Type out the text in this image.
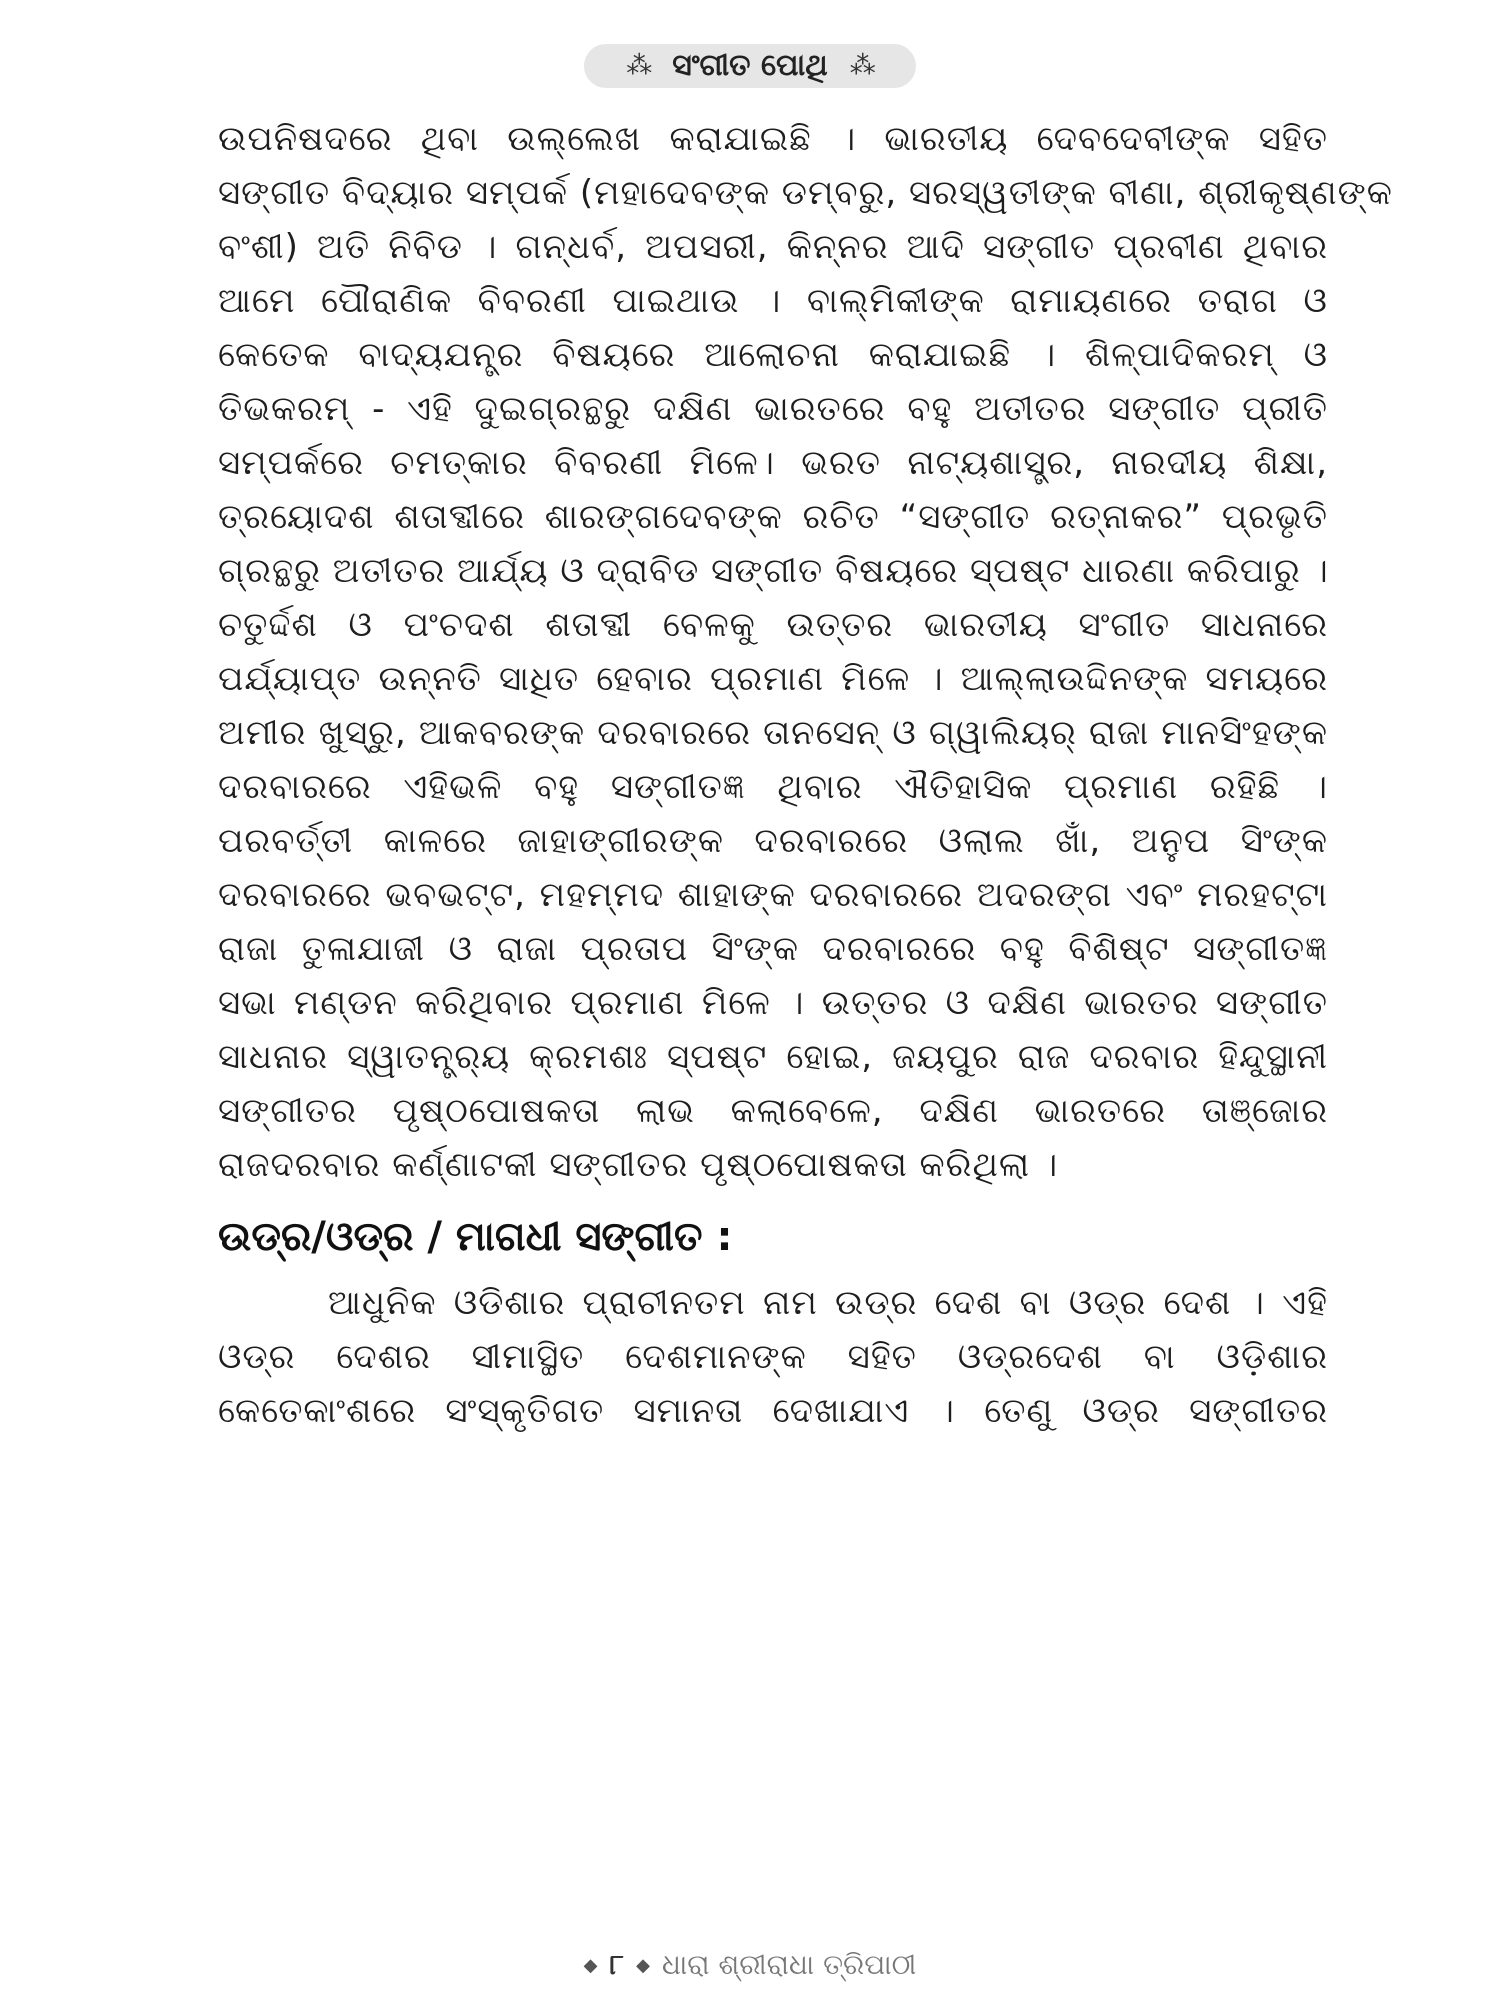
⁂ ସଂଗୀତ ପୋଥି ⁂
ଉପନିଷଦରେ ଥିବା ଉଲ୍ଲେଖ କରାଯାଇଛି । ଭାରତୀୟ ଦେବଦେବୀଙ୍କ ସହିତ
ସଙ୍ଗୀତ ବିଦ୍ୟାର ସମ୍ପର୍କ (ମହାଦେବଙ୍କ ଡମ୍ବରୁ, ସରସ୍ୱତୀଙ୍କ ବୀଣା, ଶ୍ରୀକୃଷ୍ଣଙ୍କ
ବଂଶୀ) ଅତି ନିବିଡ । ଗନ୍ଧର୍ବ, ଅପସରୀ, କିନ୍ନର ଆଦି ସଙ୍ଗୀତ ପ୍ରବୀଣ ଥିବାର
ଆମେ ପୌରାଣିକ ବିବରଣୀ ପାଇଥାଉ । ବାଲ୍ମିକୀଙ୍କ ରାମାୟଣରେ ତରାଗ ଓ
କେତେକ ବାଦ୍ୟଯନ୍ତ୍ର ବିଷୟରେ ଆଲୋଚନା କରାଯାଇଛି । ଶିଳ୍ପାଦିକରମ୍ ଓ
ତିଭକରମ୍ - ଏହି ଦୁଇଗ୍ରନ୍ଥରୁ ଦକ୍ଷିଣ ଭାରତରେ ବହୁ ଅତୀତର ସଙ୍ଗୀତ ପ୍ରୀତି
ସମ୍ପର୍କରେ ଚମତ୍କାର ବିବରଣୀ ମିଳେ। ଭରତ ନାଟ୍ୟଶାସ୍ତ୍ର, ନାରଦୀୟ ଶିକ୍ଷା,
ତ୍ରୟୋଦଶ ଶତାବ୍ଦୀରେ ଶାରଙ୍ଗଦେବଙ୍କ ରଚିତ “ସଙ୍ଗୀତ ରତ୍ନାକର” ପ୍ରଭୃତି
ଗ୍ରନ୍ଥରୁ ଅତୀତର ଆର୍ଯ୍ୟ ଓ ଦ୍ରାବିଡ ସଙ୍ଗୀତ ବିଷୟରେ ସ୍ପଷ୍ଟ ଧାରଣା କରିପାରୁ ।
ଚତୁର୍ଦ୍ଦଶ ଓ ପଂଚଦଶ ଶତାବ୍ଦୀ ବେଳକୁ ଉତ୍ତର ଭାରତୀୟ ସଂଗୀତ ସାଧନାରେ
ପର୍ଯ୍ୟାପ୍ତ ଉନ୍ନତି ସାଧିତ ହେବାର ପ୍ରମାଣ ମିଳେ । ଆଲ୍ଲାଉଦ୍ଦିନଙ୍କ ସମୟରେ
ଅମୀର ଖୁସ୍ରୁ, ଆକବରଙ୍କ ଦରବାରରେ ତାନସେନ୍ ଓ ଗ୍ୱାଲିୟର୍ ରାଜା ମାନସିଂହଙ୍କ
ଦରବାରରେ ଏହିଭଳି ବହୁ ସଙ୍ଗୀତଜ୍ଞ ଥିବାର ଐତିହାସିକ ପ୍ରମାଣ ରହିଛି ।
ପରବର୍ତ୍ତୀ କାଳରେ ଜାହାଙ୍ଗୀରଙ୍କ ଦରବାରରେ ଓଲାଲ ଖାଁ, ଅନୁପ ସିଂଙ୍କ
ଦରବାରରେ ଭବଭଟ୍ଟ, ମହମ୍ମଦ ଶାହାଙ୍କ ଦରବାରରେ ଅଦରଙ୍ଗ ଏବଂ ମରହଟ୍ଟା
ରାଜା ତୁଳାଯାଜୀ ଓ ରାଜା ପ୍ରତାପ ସିଂଙ୍କ ଦରବାରରେ ବହୁ ବିଶିଷ୍ଟ ସଙ୍ଗୀତଜ୍ଞ
ସଭା ମଣ୍ଡନ କରିଥିବାର ପ୍ରମାଣ ମିଳେ । ଉତ୍ତର ଓ ଦକ୍ଷିଣ ଭାରତର ସଙ୍ଗୀତ
ସାଧନାର ସ୍ୱାତନ୍ତ୍ର୍ୟ କ୍ରମଶଃ ସ୍ପଷ୍ଟ ହୋଇ, ଜୟପୁର ରାଜ ଦରବାର ହିନ୍ଦୁସ୍ଥାନୀ
ସଙ୍ଗୀତର ପୃଷ୍ଠପୋଷକତା ଲାଭ କଲାବେଳେ, ଦକ୍ଷିଣ ଭାରତରେ ତାଞ୍ଜୋର
ରାଜଦରବାର କର୍ଣ୍ଣାଟକୀ ସଙ୍ଗୀତର ପୃଷ୍ଠପୋଷକତା କରିଥିଲା ।
ଉଡ୍ର/ଓଡ୍ର / ମାଗଧୀ ସଙ୍ଗୀତ :
ଆଧୁନିକ ଓଡିଶାର ପ୍ରାଚୀନତମ ନାମ ଉଡ୍ର ଦେଶ ବା ଓଡ୍ର ଦେଶ । ଏହି
ଓଡ୍ର ଦେଶର ସୀମାସ୍ଥିତ ଦେଶମାନଙ୍କ ସହିତ ଓଡ୍ରଦେଶ ବା ଓଡ଼ିଶାର
କେତେକାଂଶରେ ସଂସ୍କୃତିଗତ ସମାନତା ଦେଖାଯାଏ । ତେଣୁ ଓଡ୍ର ସଙ୍ଗୀତର
◆ ୮ ◆ ଧାରା ଶ୍ରୀରାଧା ତ୍ରିପାଠୀ
